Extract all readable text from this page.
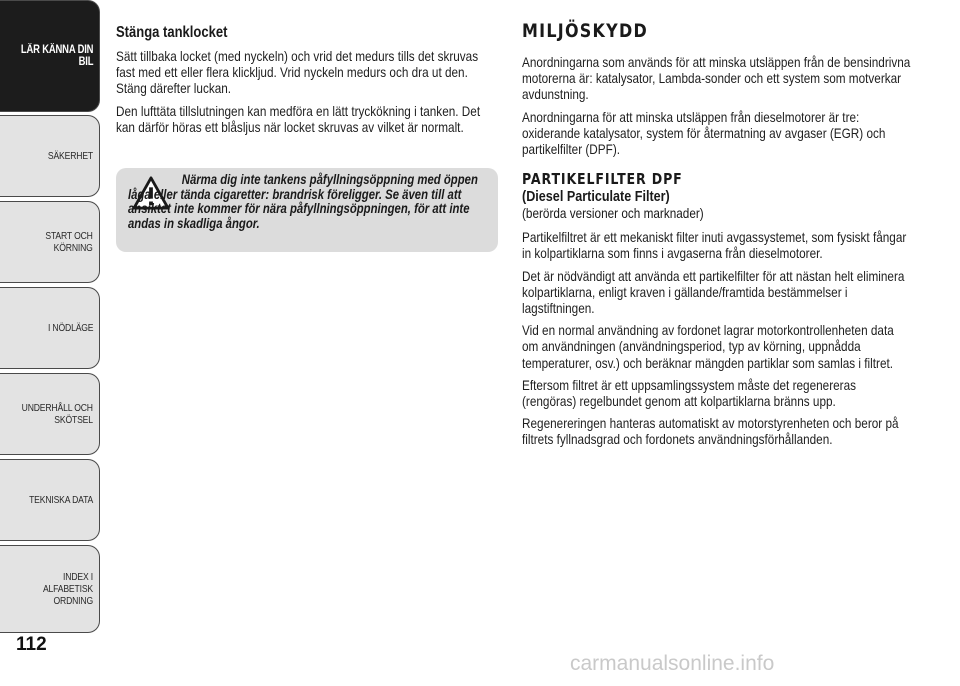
LÄR KÄNNA DIN
BIL
SÄKERHET
START OCH
KÖRNING
I NÖDLÄGE
UNDERHÅLL OCH
SKÖTSEL
TEKNISKA DATA
INDEX I ALFABETISK
ORDNING
112
Stänga tanklocket

Sätt tillbaka locket (med nyckeln) och vrid det medurs tills det skruvas fast med ett eller flera klickljud. Vrid nyckeln medurs och dra ut den. Stäng därefter luckan.

Den lufttäta tillslutningen kan medföra en lätt tryckökning i tanken. Det kan därför höras ett blåsljus när locket skruvas av vilket är normalt.

Närma dig inte tankens påfyllningsöppning med öppen låga eller tända cigaretter: brandrisk föreligger. Se även till att ansiktet inte kommer för nära påfyllningsöppningen, för att inte andas in skadliga ångor.

MILJÖSKYDD

Anordningarna som används för att minska utsläppen från de bensindrivna motorerna är: katalysator, Lambda-sonder och ett system som motverkar avdunstning.

Anordningarna för att minska utsläppen från dieselmotorer är tre: oxiderande katalysator, system för återmatning av avgaser (EGR) och partikelfilter (DPF).

PARTIKELFILTER DPF
(Diesel Particulate Filter)
(berörda versioner och marknader)

Partikelfiltret är ett mekaniskt filter inuti avgassystemet, som fysiskt fångar in kolpartiklarna som finns i avgaserna från dieselmotorer.

Det är nödvändigt att använda ett partikelfilter för att nästan helt eliminera kolpartiklarna, enligt kraven i gällande/framtida bestämmelser i lagstiftningen.

Vid en normal användning av fordonet lagrar motorkontrollenheten data om användningen (användningsperiod, typ av körning, uppnådda temperaturer, osv.) och beräknar mängden partiklar som samlas i filtret.

Eftersom filtret är ett uppsamlingssystem måste det regenereras (rengöras) regelbundet genom att kolpartiklarna bränns upp.

Regenereringen hanteras automatiskt av motorstyrenheten och beror på filtrets fyllnadsgrad och fordonets användningsförhållanden.

carmanualsonline.info
